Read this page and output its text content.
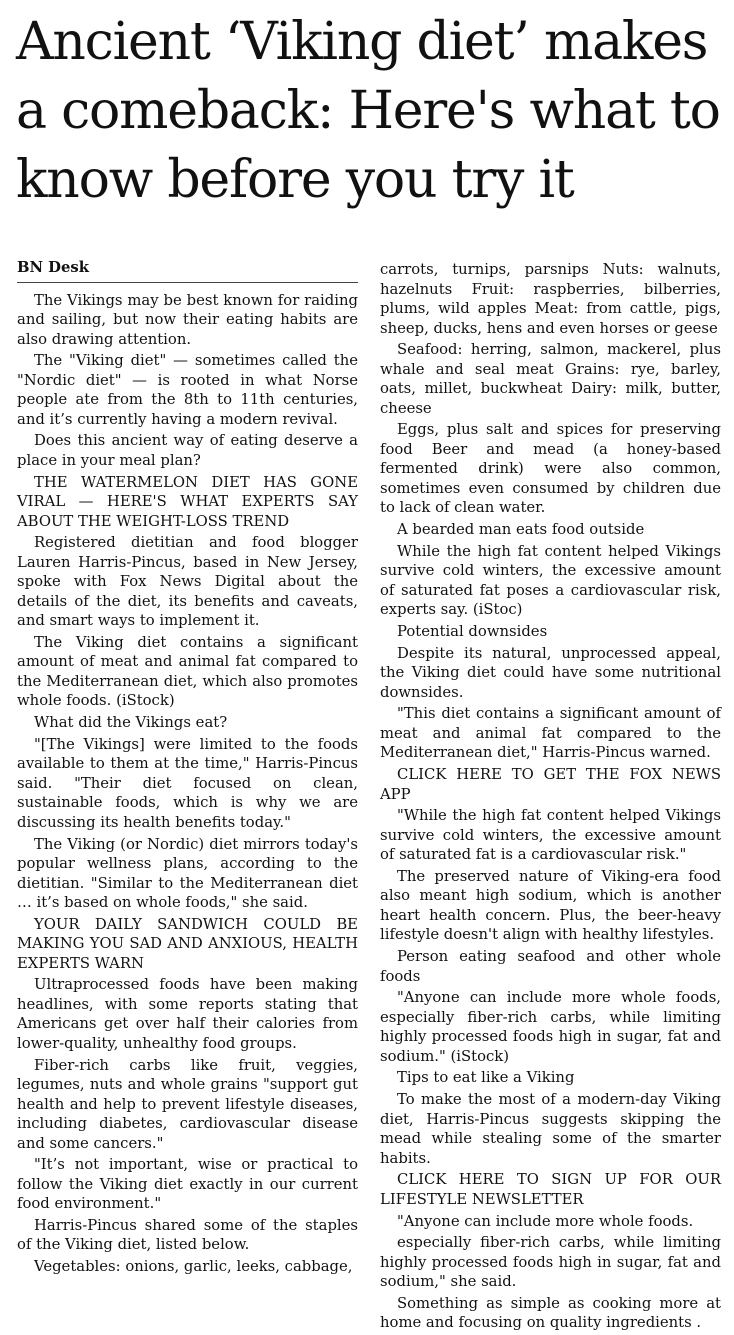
Ancient ‘Viking diet’ makes a comeback: Here's what to know before you try it
BN Desk

The Vikings may be best known for raiding and sailing, but now their eating habits are also drawing attention.

The "Viking diet" — sometimes called the "Nordic diet" — is rooted in what Norse people ate from the 8th to 11th centuries, and it’s currently having a modern revival.

Does this ancient way of eating deserve a place in your meal plan?

THE WATERMELON DIET HAS GONE VIRAL — HERE'S WHAT EXPERTS SAY ABOUT THE WEIGHT-LOSS TREND

Registered dietitian and food blogger Lauren Harris-Pincus, based in New Jersey, spoke with Fox News Digital about the details of the diet, its benefits and caveats, and smart ways to implement it.

The Viking diet contains a significant amount of meat and animal fat compared to the Mediterranean diet, which also promotes whole foods. (iStock)

What did the Vikings eat?

"[The Vikings] were limited to the foods available to them at the time," Harris-Pincus said. "Their diet focused on clean, sustainable foods, which is why we are discussing its health benefits today."

The Viking (or Nordic) diet mirrors today's popular wellness plans, according to the dietitian. "Similar to the Mediterranean diet … it’s based on whole foods," she said.

YOUR DAILY SANDWICH COULD BE MAKING YOU SAD AND ANXIOUS, HEALTH EXPERTS WARN

Ultraprocessed foods have been making headlines, with some reports stating that Americans get over half their calories from lower-quality, unhealthy food groups.

Fiber-rich carbs like fruit, veggies, legumes, nuts and whole grains "support gut health and help to prevent lifestyle diseases, including diabetes, cardiovascular disease and some cancers."

"It’s not important, wise or practical to follow the Viking diet exactly in our current food environment."

Harris-Pincus shared some of the staples of the Viking diet, listed below.

Vegetables: onions, garlic, leeks, cabbage,

carrots, turnips, parsnips Nuts: walnuts, hazelnuts Fruit: raspberries, bilberries, plums, wild apples Meat: from cattle, pigs, sheep, ducks, hens and even horses or geese

Seafood: herring, salmon, mackerel, plus whale and seal meat Grains: rye, barley, oats, millet, buckwheat Dairy: milk, butter, cheese

Eggs, plus salt and spices for preserving food Beer and mead (a honey-based fermented drink) were also common, sometimes even consumed by children due to lack of clean water.

A bearded man eats food outside

While the high fat content helped Vikings survive cold winters, the excessive amount of saturated fat poses a cardiovascular risk, experts say. (iStoc)

Potential downsides

Despite its natural, unprocessed appeal, the Viking diet could have some nutritional downsides.

"This diet contains a significant amount of meat and animal fat compared to the Mediterranean diet," Harris-Pincus warned.

CLICK HERE TO GET THE FOX NEWS APP

"While the high fat content helped Vikings survive cold winters, the excessive amount of saturated fat is a cardiovascular risk."

The preserved nature of Viking-era food also meant high sodium, which is another heart health concern. Plus, the beer-heavy lifestyle doesn't align with healthy lifestyles.

Person eating seafood and other whole foods

"Anyone can include more whole foods, especially fiber-rich carbs, while limiting highly processed foods high in sugar, fat and sodium." (iStock)

Tips to eat like a Viking

To make the most of a modern-day Viking diet, Harris-Pincus suggests skipping the mead while stealing some of the smarter habits.

CLICK HERE TO SIGN UP FOR OUR LIFESTYLE NEWSLETTER

"Anyone can include more whole foods.

especially fiber-rich carbs, while limiting highly processed foods high in sugar, fat and sodium," she said.

Something as simple as cooking more at home and focusing on quality ingredients .
